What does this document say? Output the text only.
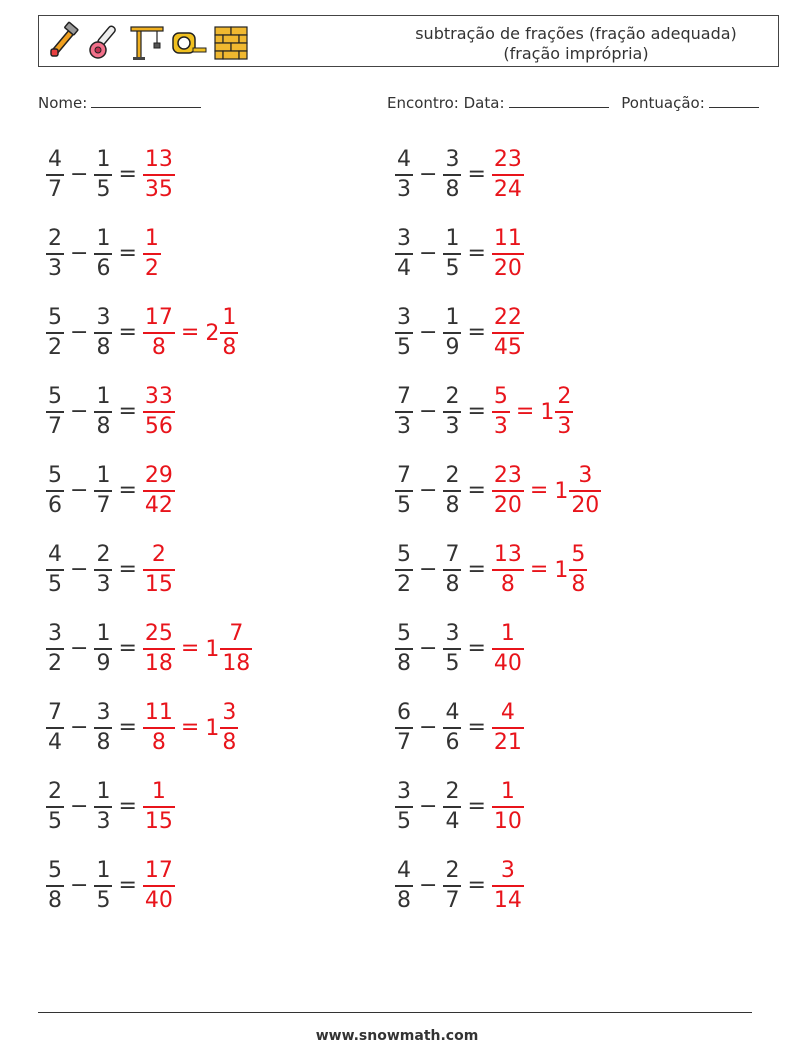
subtração de frações (fração adequada)
(fração imprópria)
Nome:	Encontro: Data:	Pontuação:
$\frac{4}{7} - \frac{1}{5} = \frac{13}{35}$
$\frac{2}{3} - \frac{1}{6} = \frac{1}{2}$
$\frac{5}{2} - \frac{3}{8} = \frac{17}{8} = 2 \frac{1}{8}$
$\frac{5}{7} - \frac{1}{8} = \frac{33}{56}$
$\frac{5}{6} - \frac{1}{7} = \frac{29}{42}$
$\frac{4}{5} - \frac{2}{3} = \frac{2}{15}$
$\frac{3}{2} - \frac{1}{9} = \frac{25}{18} = 1 \frac{7}{18}$
$\frac{7}{4} - \frac{3}{8} = \frac{11}{8} = 1 \frac{3}{8}$
$\frac{2}{5} - \frac{1}{3} = \frac{1}{15}$
$\frac{5}{8} - \frac{1}{5} = \frac{17}{40}$
$\frac{4}{3} - \frac{3}{8} = \frac{23}{24}$
$\frac{3}{4} - \frac{1}{5} = \frac{11}{20}$
$\frac{3}{5} - \frac{1}{9} = \frac{22}{45}$
$\frac{7}{3} - \frac{2}{3} = \frac{5}{3} = 1 \frac{2}{3}$
$\frac{7}{5} - \frac{2}{8} = \frac{23}{20} = 1 \frac{3}{20}$
$\frac{5}{2} - \frac{7}{8} = \frac{13}{8} = 1 \frac{5}{8}$
$\frac{5}{8} - \frac{3}{5} = \frac{1}{40}$
$\frac{6}{7} - \frac{4}{6} = \frac{4}{21}$
$\frac{3}{5} - \frac{2}{4} = \frac{1}{10}$
$\frac{4}{8} - \frac{2}{7} = \frac{3}{14}$
www.snowmath.com
